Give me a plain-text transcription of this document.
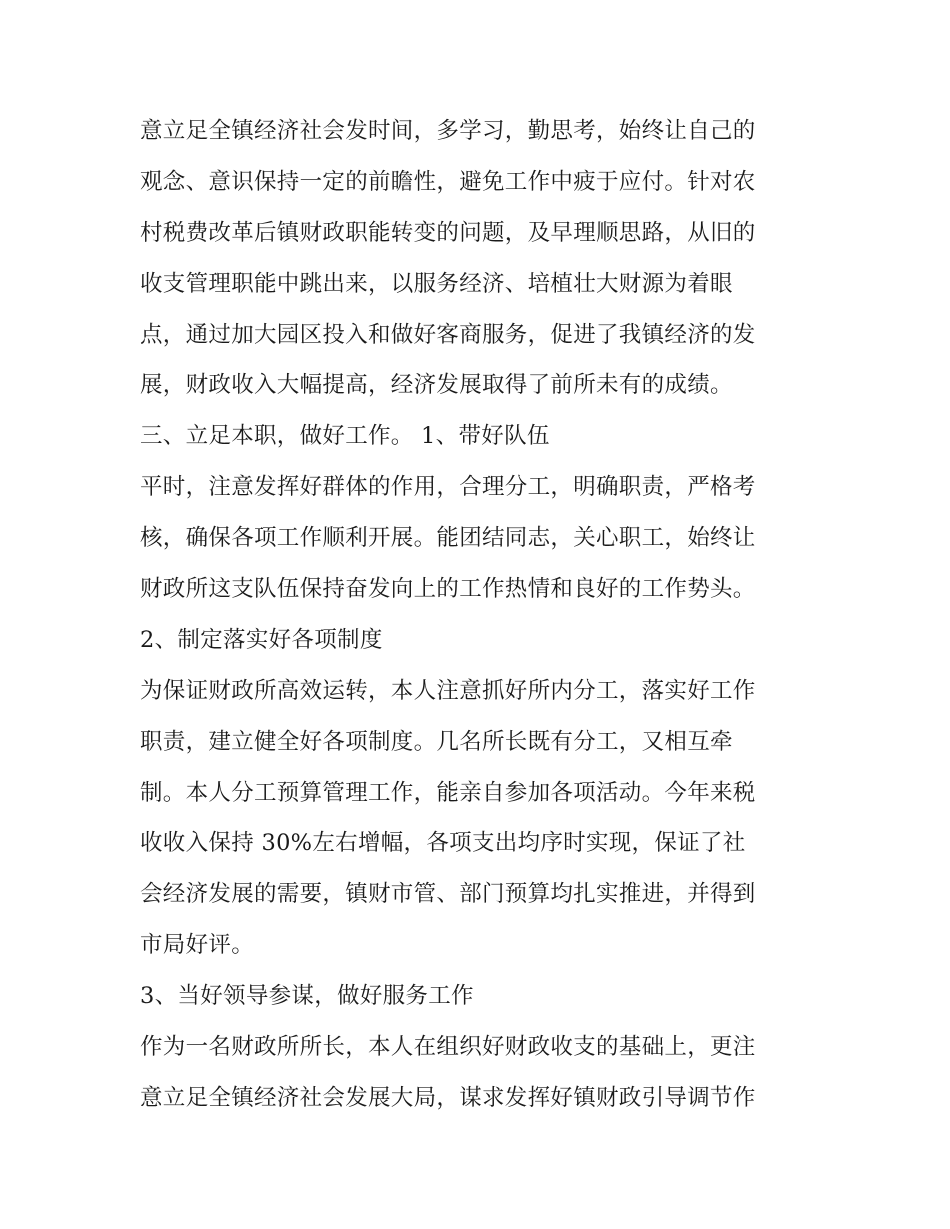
意立足全镇经济社会发时间，多学习，勤思考，始终让自己的
观念、意识保持一定的前瞻性，避免工作中疲于应付。针对农
村税费改革后镇财政职能转变的问题，及早理顺思路，从旧的
收支管理职能中跳出来，以服务经济、培植壮大财源为着眼
点，通过加大园区投入和做好客商服务，促进了我镇经济的发
展，财政收入大幅提高，经济发展取得了前所未有的成绩。
三、立足本职，做好工作。 1、带好队伍
平时，注意发挥好群体的作用，合理分工，明确职责，严格考
核，确保各项工作顺利开展。能团结同志，关心职工，始终让
财政所这支队伍保持奋发向上的工作热情和良好的工作势头。
2、制定落实好各项制度
为保证财政所高效运转，本人注意抓好所内分工，落实好工作
职责，建立健全好各项制度。几名所长既有分工，又相互牵
制。本人分工预算管理工作，能亲自参加各项活动。今年来税
收收入保持 30%左右增幅，各项支出均序时实现，保证了社
会经济发展的需要，镇财市管、部门预算均扎实推进，并得到
市局好评。
3、当好领导参谋，做好服务工作
作为一名财政所所长，本人在组织好财政收支的基础上，更注
意立足全镇经济社会发展大局，谋求发挥好镇财政引导调节作
